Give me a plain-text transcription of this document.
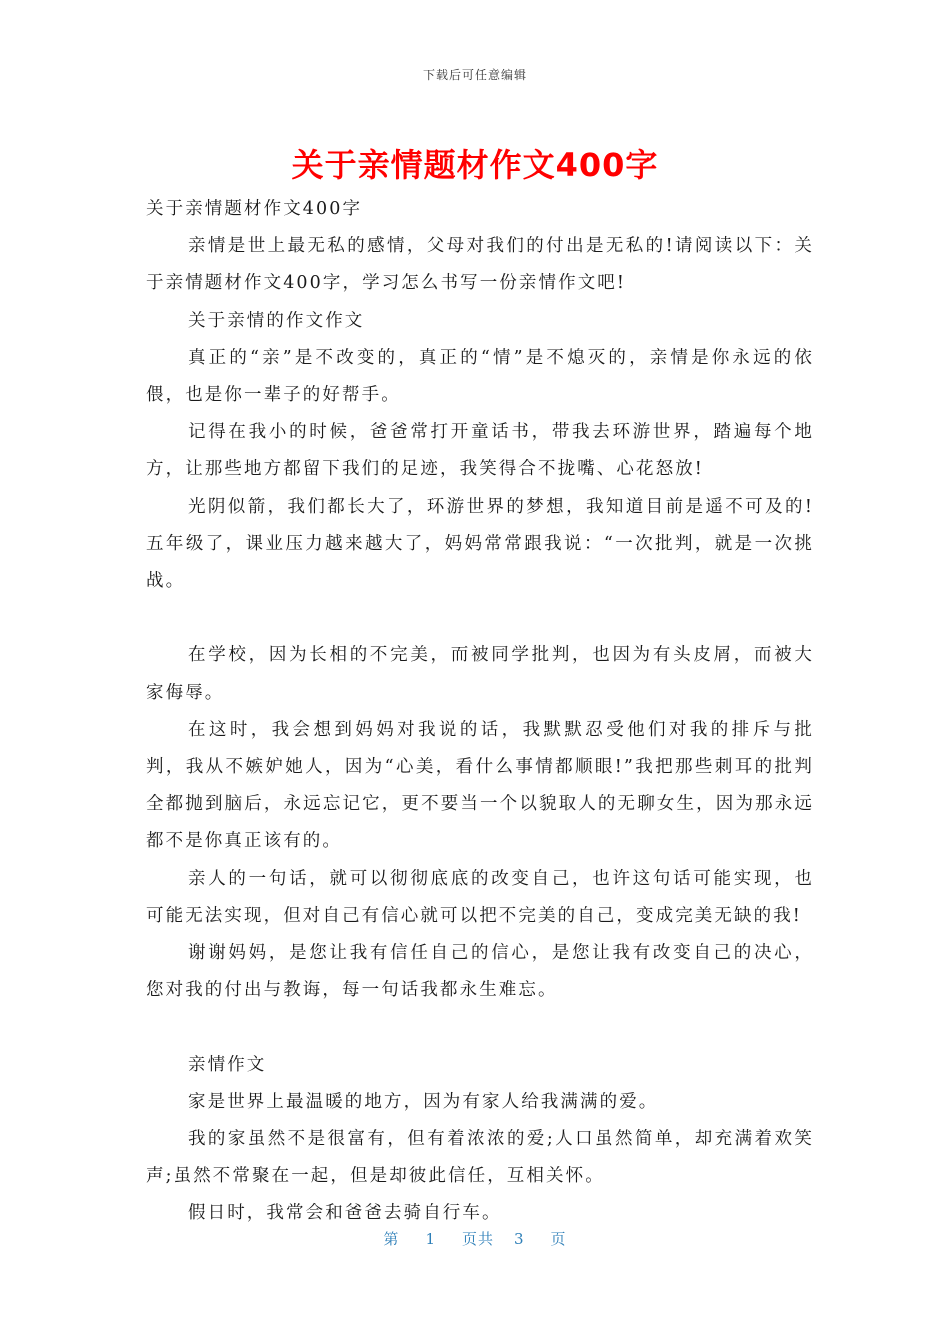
下载后可任意编辑
关于亲情题材作文400字

关于亲情题材作文400字

亲情是世上最无私的感情，父母对我们的付出是无私的!请阅读以下：关于亲情题材作文400字，学习怎么书写一份亲情作文吧!

关于亲情的作文作文

真正的“亲”是不改变的，真正的“情”是不熄灭的，亲情是你永远的依偎，也是你一辈子的好帮手。

记得在我小的时候，爸爸常打开童话书，带我去环游世界，踏遍每个地方，让那些地方都留下我们的足迹，我笑得合不拢嘴、心花怒放!

光阴似箭，我们都长大了，环游世界的梦想，我知道目前是遥不可及的!五年级了，课业压力越来越大了，妈妈常常跟我说：“一次批判，就是一次挑战。

在学校，因为长相的不完美，而被同学批判，也因为有头皮屑，而被大家侮辱。

在这时，我会想到妈妈对我说的话，我默默忍受他们对我的排斥与批判，我从不嫉妒她人，因为“心美，看什么事情都顺眼!”我把那些刺耳的批判全都抛到脑后，永远忘记它，更不要当一个以貌取人的无聊女生，因为那永远都不是你真正该有的。

亲人的一句话，就可以彻彻底底的改变自己，也许这句话可能实现，也可能无法实现，但对自己有信心就可以把不完美的自己，变成完美无缺的我!

谢谢妈妈，是您让我有信任自己的信心，是您让我有改变自己的决心，您对我的付出与教诲，每一句话我都永生难忘。

亲情作文

家是世界上最温暖的地方，因为有家人给我满满的爱。

我的家虽然不是很富有，但有着浓浓的爱;人口虽然简单，却充满着欢笑声;虽然不常聚在一起，但是却彼此信任，互相关怀。

假日时，我常会和爸爸去骑自行车。

第 1 页共 3 页
